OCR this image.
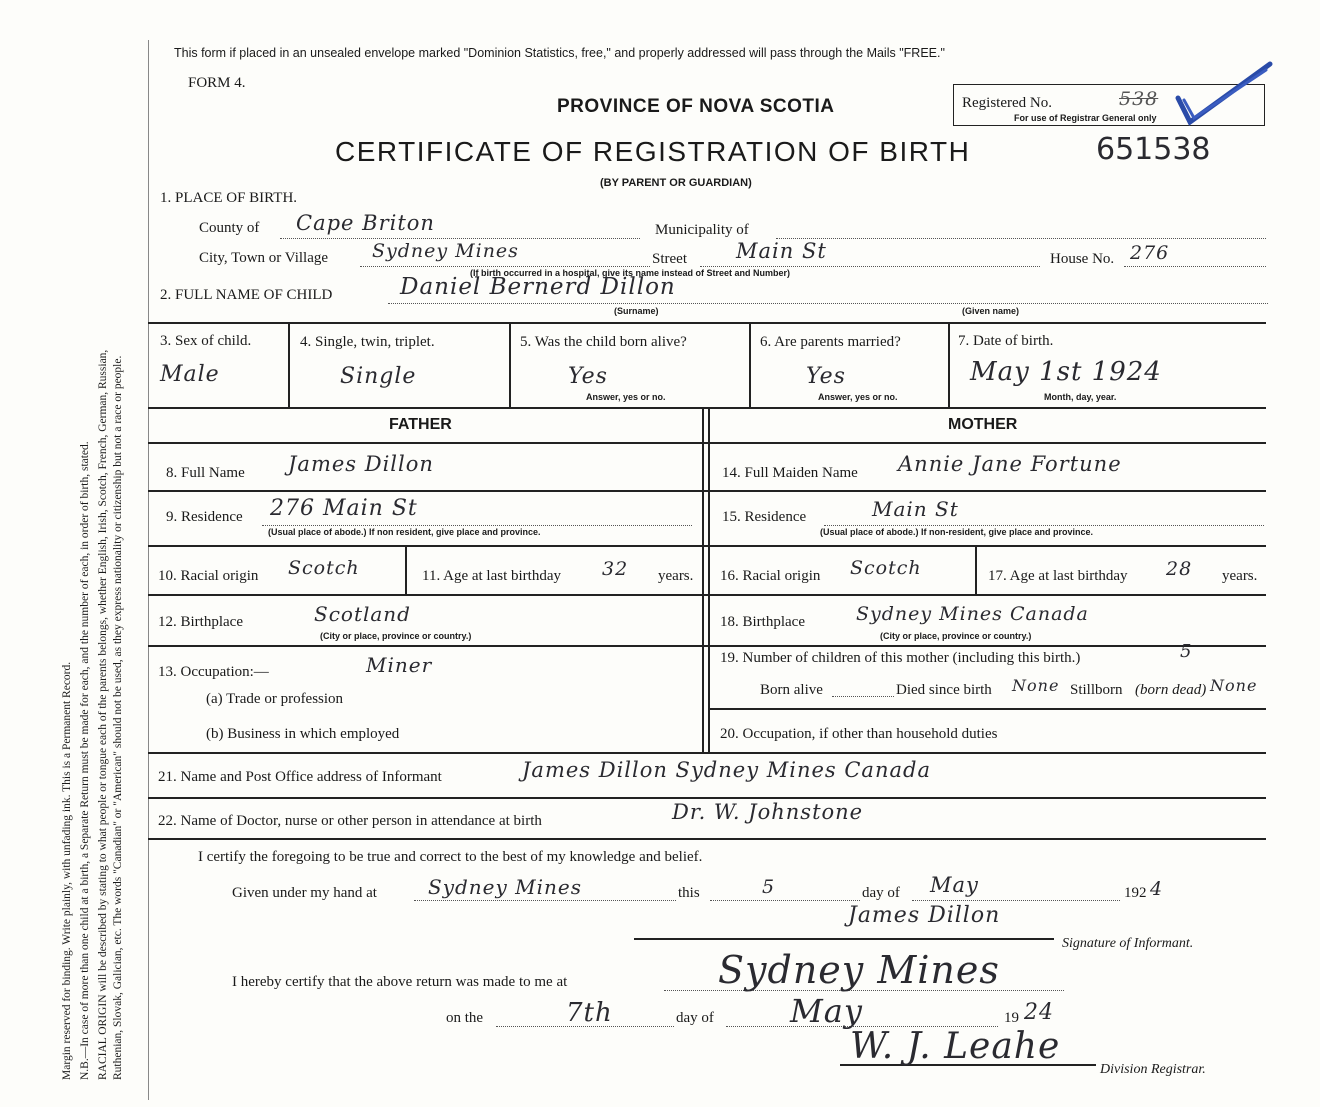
Margin reserved for binding. Write plainly, with unfading ink. This is a Permanent Record. N.B.—In case of more than one child at a birth, a Separate Return must be made for each, and the number of each, in order of birth, stated. RACIAL ORIGIN will be described by stating to what people or tongue each of the parents belongs, whether English, Irish, Scotch, French, German, Russian, Ruthenian, Slovak, Galician, etc. The words "Canadian" or "American" should not be used, as they express nationality or citizenship but not a race or people.
This form if placed in an unsealed envelope marked "Dominion Statistics, free," and properly addressed will pass through the Mails "FREE."
FORM 4.
PROVINCE OF NOVA SCOTIA
CERTIFICATE OF REGISTRATION OF BIRTH
(BY PARENT OR GUARDIAN)
Registered No.	538
For use of Registrar General only
651538
1. PLACE OF BIRTH.
County of Cape Briton	Municipality of
City, Town or Village Sydney Mines	Street Main St
(If birth occurred in a hospital, give its name instead of Street and Number)
House No. 276
2. FULL NAME OF CHILD	Daniel Bernerd Dillon
(Surname)	(Given name)
3. Sex of child.
Male
4. Single, twin, triplet.
Single
5. Was the child born alive?
Yes
Answer, yes or no.
6. Are parents married?
Yes
Answer, yes or no.
7. Date of birth.
May 1st 1924
Month, day, year.
FATHER	MOTHER
8. Full Name James Dillon
9. Residence 276 Main St
(Usual place of abode.) If non resident, give place and province.
10. Racial origin Scotch	11. Age at last birthday 32 years.
12. Birthplace	Scotland
(City or place, province or country.)
13. Occupation:—	Miner
(a) Trade or profession
(b) Business in which employed
14. Full Maiden Name Annie Jane Fortune
15. Residence	Main St
(Usual place of abode.) If non-resident, give place and province.
16. Racial origin Scotch	17. Age at last birthday 28 years.
18. Birthplace	Sydney Mines Canada
(City or place, province or country.)
19. Number of children of this mother (including this birth.)	5
Born alive	Died since birth None Stillborn (born dead) None
20. Occupation, if other than household duties
21. Name and Post Office address of Informant	James Dillon Sydney Mines Canada
22. Name of Doctor, nurse or other person in attendance at birth	Dr. W. Johnstone
I certify the foregoing to be true and correct to the best of my knowledge and belief.
Given under my hand at	Sydney Mines	this	5	day of May	192 4
James Dillon
Signature of Informant.
I hereby certify that the above return was made to me at	Sydney Mines
on the	7th	day of May	19 24
W. J. Leahe
Division Registrar.
